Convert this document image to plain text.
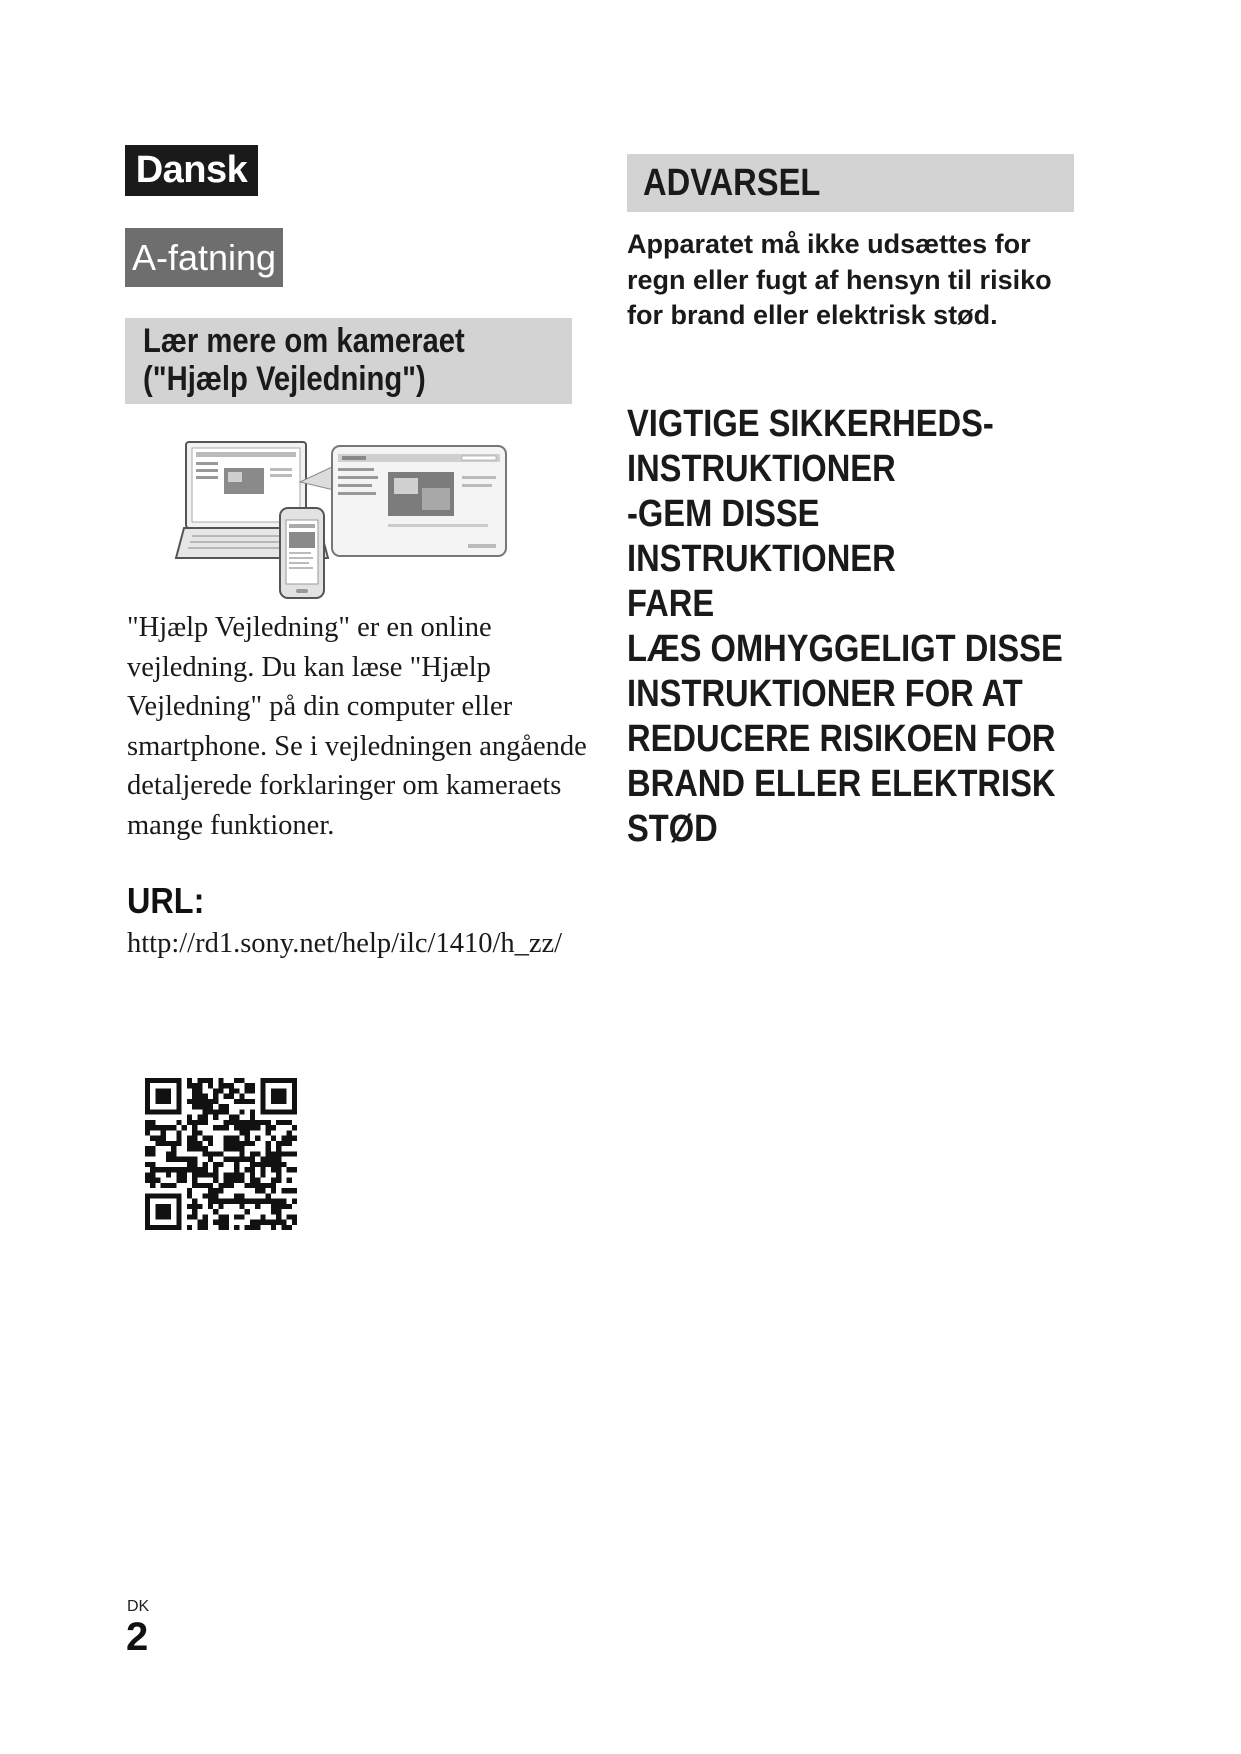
Dansk
A-fatning
Lær mere om kameraet
("Hjælp Vejledning")
"Hjælp Vejledning" er en online vejledning. Du kan læse "Hjælp Vejledning" på din computer eller smartphone. Se i vejledningen angående detaljerede forklaringer om kameraets mange funktioner.
URL:
http://rd1.sony.net/help/ilc/1410/h_zz/
DK
2
ADVARSEL
Apparatet må ikke udsættes for regn eller fugt af hensyn til risiko for brand eller elektrisk stød.
VIGTIGE SIKKERHEDS-
INSTRUKTIONER
-GEM DISSE
INSTRUKTIONER
FARE
LÆS OMHYGGELIGT DISSE
INSTRUKTIONER FOR AT
REDUCERE RISIKOEN FOR
BRAND ELLER ELEKTRISK
STØD
